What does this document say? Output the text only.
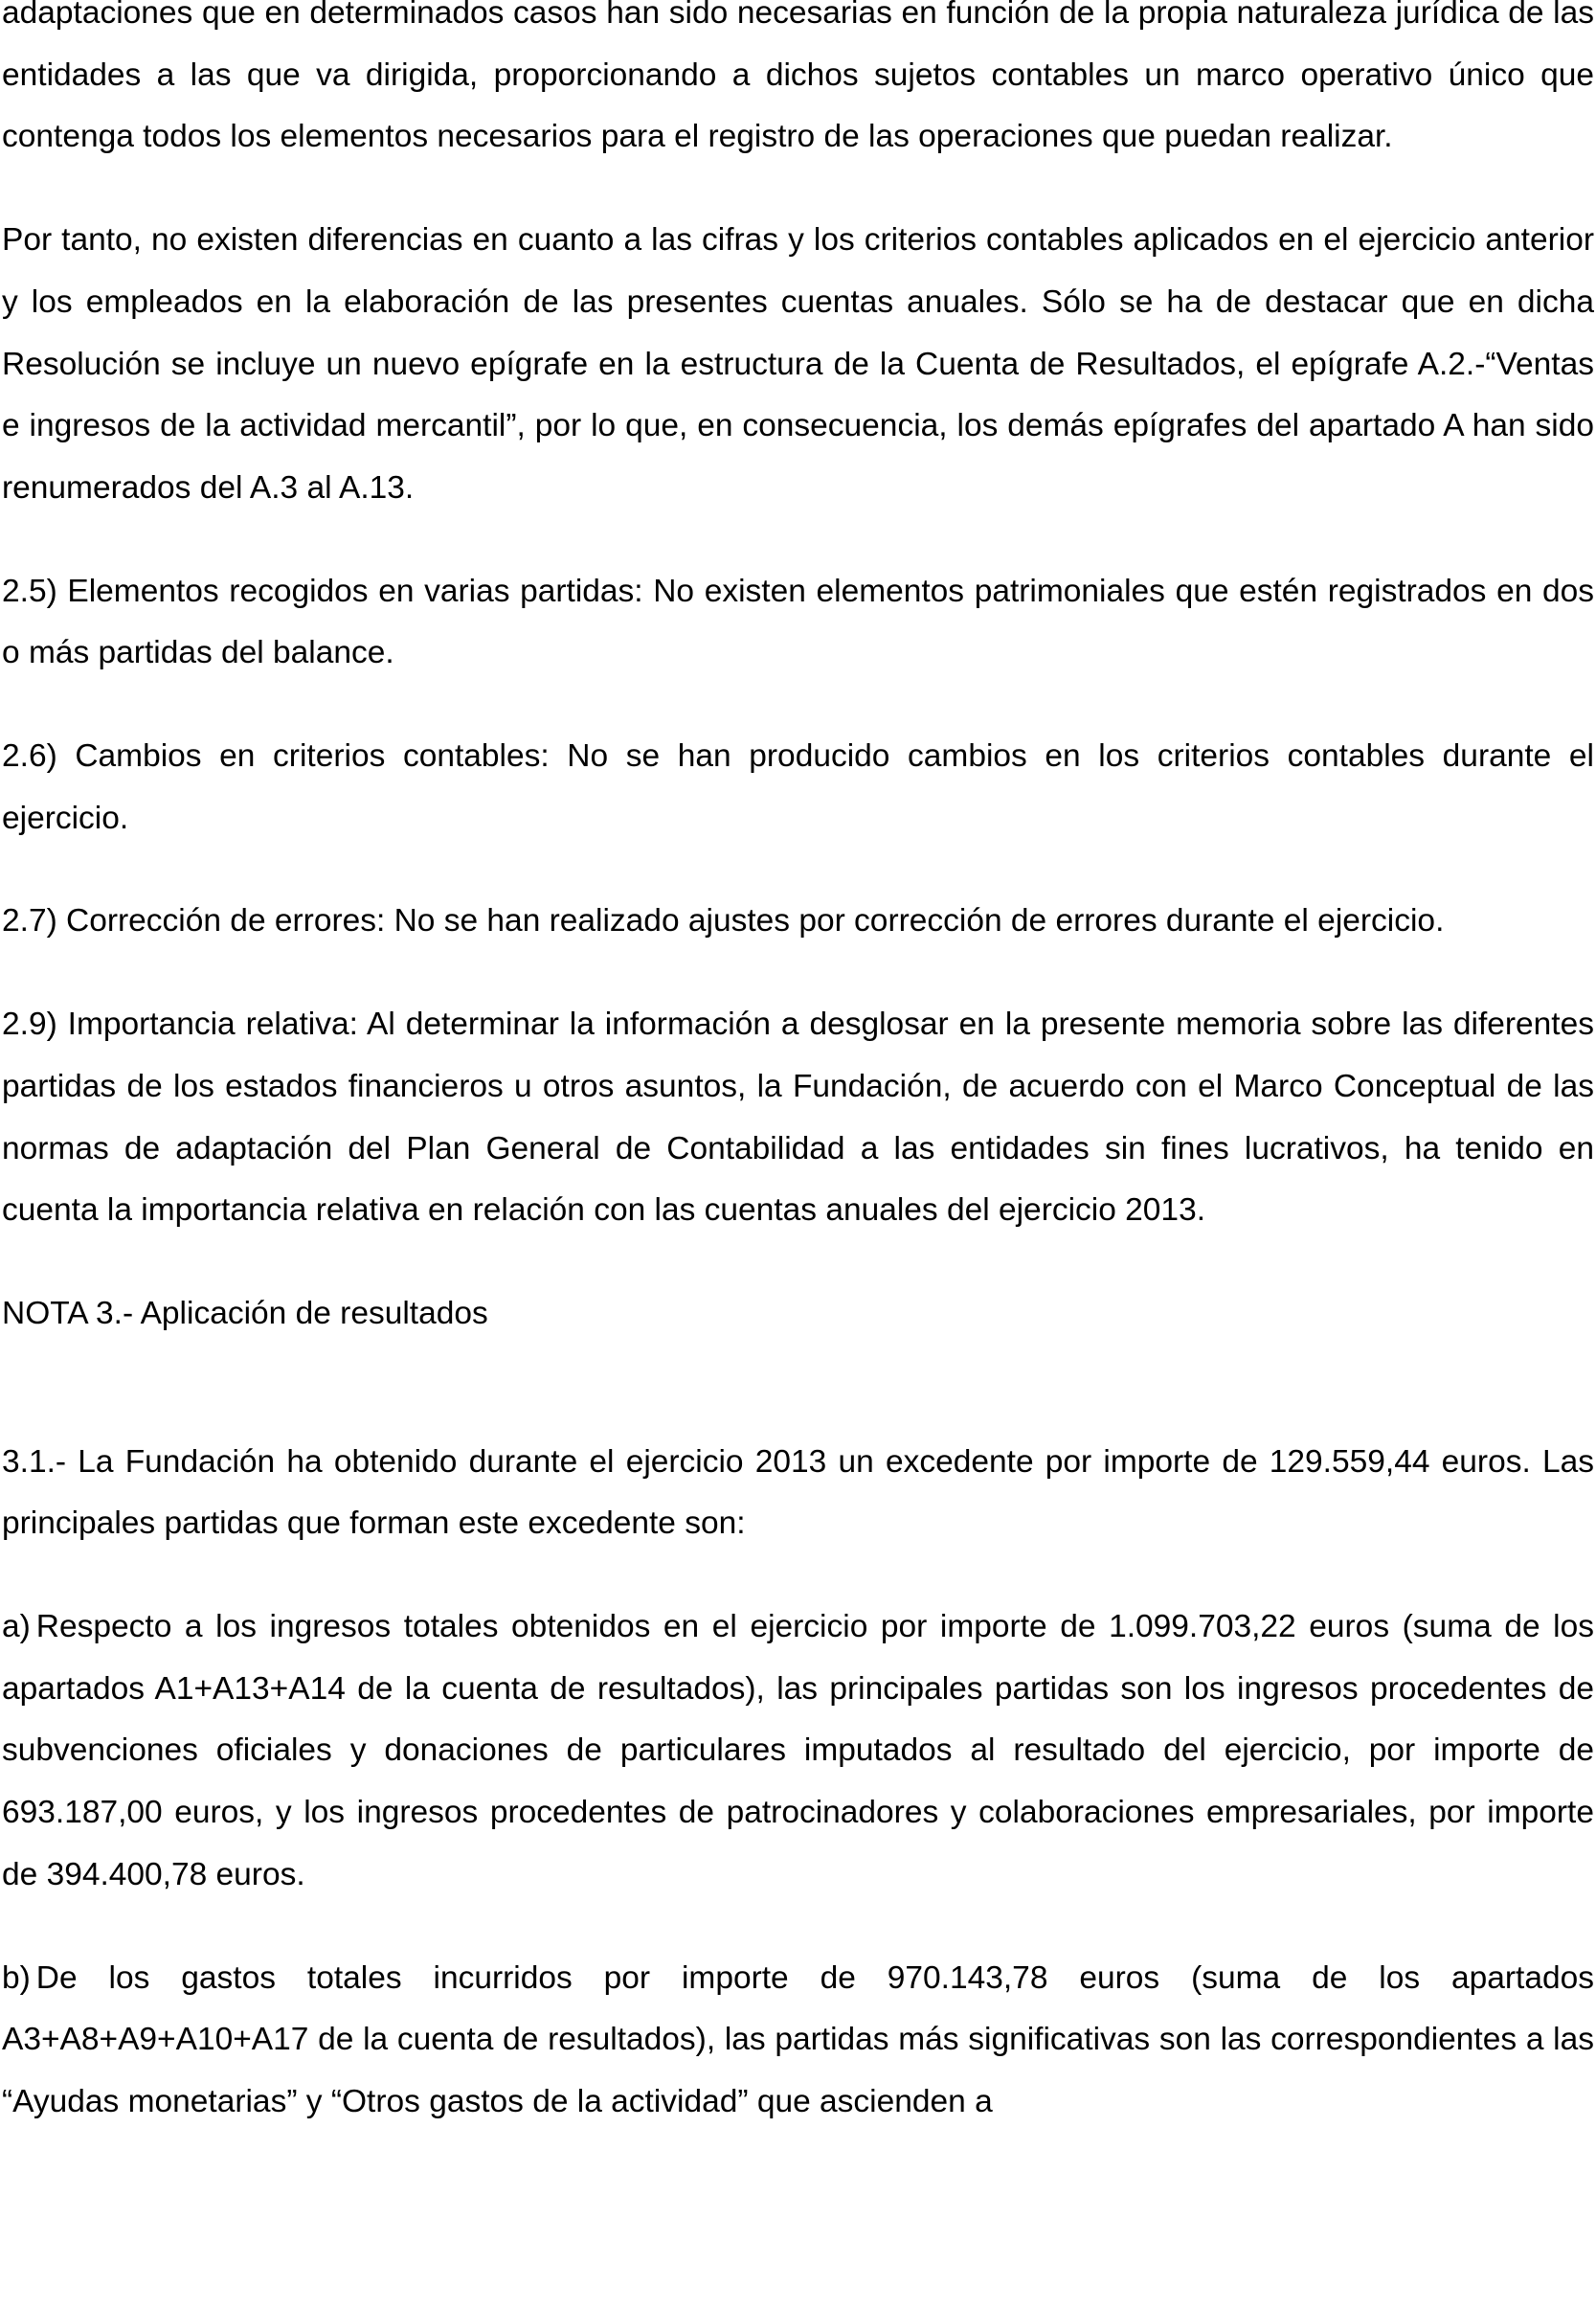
adaptaciones que en determinados casos han sido necesarias en función de la propia naturaleza jurídica de las entidades a las que va dirigida, proporcionando a dichos sujetos contables un marco operativo único que contenga todos los elementos necesarios para el registro de las operaciones que puedan realizar.

Por tanto, no existen diferencias en cuanto a las cifras y los criterios contables aplicados en el ejercicio anterior y los empleados en la elaboración de las presentes cuentas anuales. Sólo se ha de destacar que en dicha Resolución se incluye un nuevo epígrafe en la estructura de la Cuenta de Resultados, el epígrafe A.2.-“Ventas e ingresos de la actividad mercantil”, por lo que, en consecuencia, los demás epígrafes del apartado A han sido renumerados del A.3 al A.13.

2.5) Elementos recogidos en varias partidas: No existen elementos patrimoniales que estén registrados en dos o más partidas del balance.

2.6) Cambios en criterios contables: No se han producido cambios en los criterios contables durante el ejercicio.

2.7) Corrección de errores: No se han realizado ajustes por corrección de errores durante el ejercicio.

2.9) Importancia relativa: Al determinar la información a desglosar en la presente memoria sobre las diferentes partidas de los estados financieros u otros asuntos, la Fundación, de acuerdo con el Marco Conceptual de las normas de adaptación del Plan General de Contabilidad a las entidades sin fines lucrativos, ha tenido en cuenta la importancia relativa en relación con las cuentas anuales del ejercicio 2013.

NOTA 3.- Aplicación de resultados

3.1.- La Fundación ha obtenido durante el ejercicio 2013 un excedente por importe de 129.559,44 euros. Las principales partidas que forman este excedente son:

a) Respecto a los ingresos totales obtenidos en el ejercicio por importe de 1.099.703,22 euros (suma de los apartados A1+A13+A14 de la cuenta de resultados), las principales partidas son los ingresos procedentes de subvenciones oficiales y donaciones de particulares imputados al resultado del ejercicio, por importe de 693.187,00 euros, y los ingresos procedentes de patrocinadores y colaboraciones empresariales, por importe de 394.400,78 euros.

b) De los gastos totales incurridos por importe de 970.143,78 euros (suma de los apartados A3+A8+A9+A10+A17 de la cuenta de resultados), las partidas más significativas son las correspondientes a las “Ayudas monetarias” y “Otros gastos de la actividad” que ascienden a
